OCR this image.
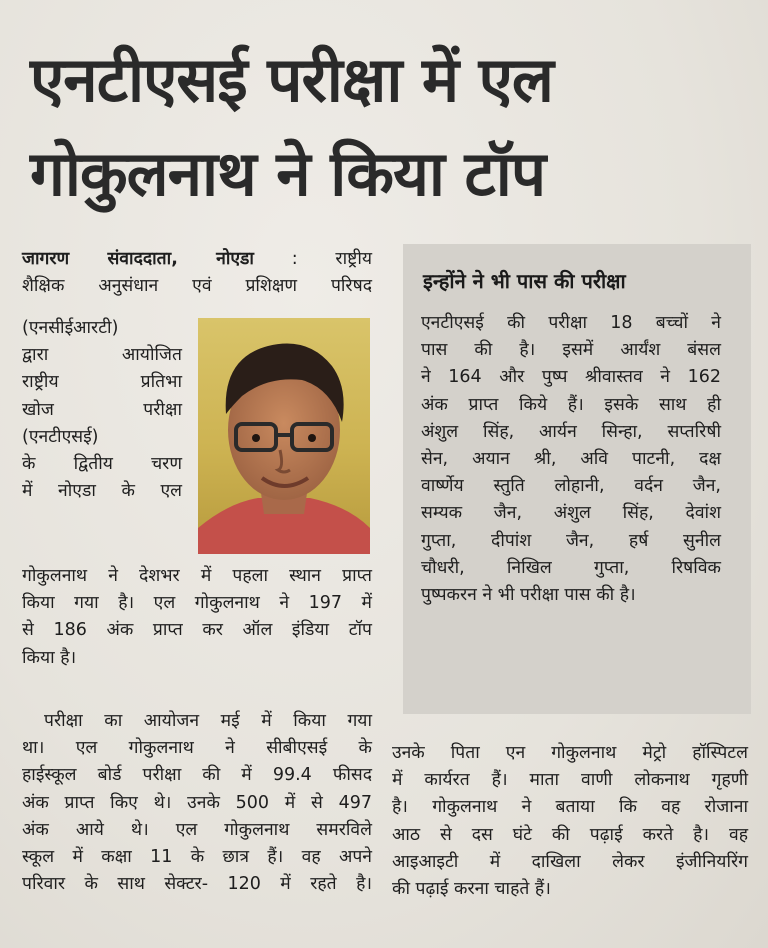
एनटीएसई परीक्षा में एल
गोकुलनाथ ने किया टॉप
जागरण संवाददाता, नोएडा : राष्ट्रीय
शैक्षिक अनुसंधान एवं प्रशिक्षण परिषद
(एनसीईआरटी)
द्वारा आयोजित
राष्ट्रीय प्रतिभा
खोज परीक्षा
(एनटीएसई)
के द्वितीय चरण
में नोएडा के एल
गोकुलनाथ ने देशभर में पहला स्थान प्राप्त
किया गया है। एल गोकुलनाथ ने 197 में
से 186 अंक प्राप्त कर ऑल इंडिया टॉप
किया है।
परीक्षा का आयोजन मई में किया गया
था। एल गोकुलनाथ ने सीबीएसई के
हाईस्कूल बोर्ड परीक्षा की में 99.4 फीसद
अंक प्राप्त किए थे। उनके 500 में से 497
अंक आये थे। एल गोकुलनाथ समरविले
स्कूल में कक्षा 11 के छात्र हैं। वह अपने
परिवार के साथ सेक्टर- 120 में रहते है।
इन्होंने ने भी पास की परीक्षा
एनटीएसई की परीक्षा 18 बच्चों ने
पास की है। इसमें आर्यंश बंसल
ने 164 और पुष्प श्रीवास्तव ने 162
अंक प्राप्त किये हैं। इसके साथ ही
अंशुल सिंह, आर्यन सिन्हा, सप्तरिषी
सेन, अयान श्री, अवि पाटनी, दक्ष
वार्ष्णेय स्तुति लोहानी, वर्दन जैन,
सम्यक जैन, अंशुल सिंह, देवांश
गुप्ता, दीपांश जैन, हर्ष सुनील
चौधरी, निखिल गुप्ता, रिषविक
पुष्पकरन ने भी परीक्षा पास की है।
उनके पिता एन गोकुलनाथ मेट्रो हॉस्पिटल
में कार्यरत हैं। माता वाणी लोकनाथ गृहणी
है। गोकुलनाथ ने बताया कि वह रोजाना
आठ से दस घंटे की पढ़ाई करते है। वह
आइआइटी में दाखिला लेकर इंजीनियरिंग
की पढ़ाई करना चाहते हैं।
